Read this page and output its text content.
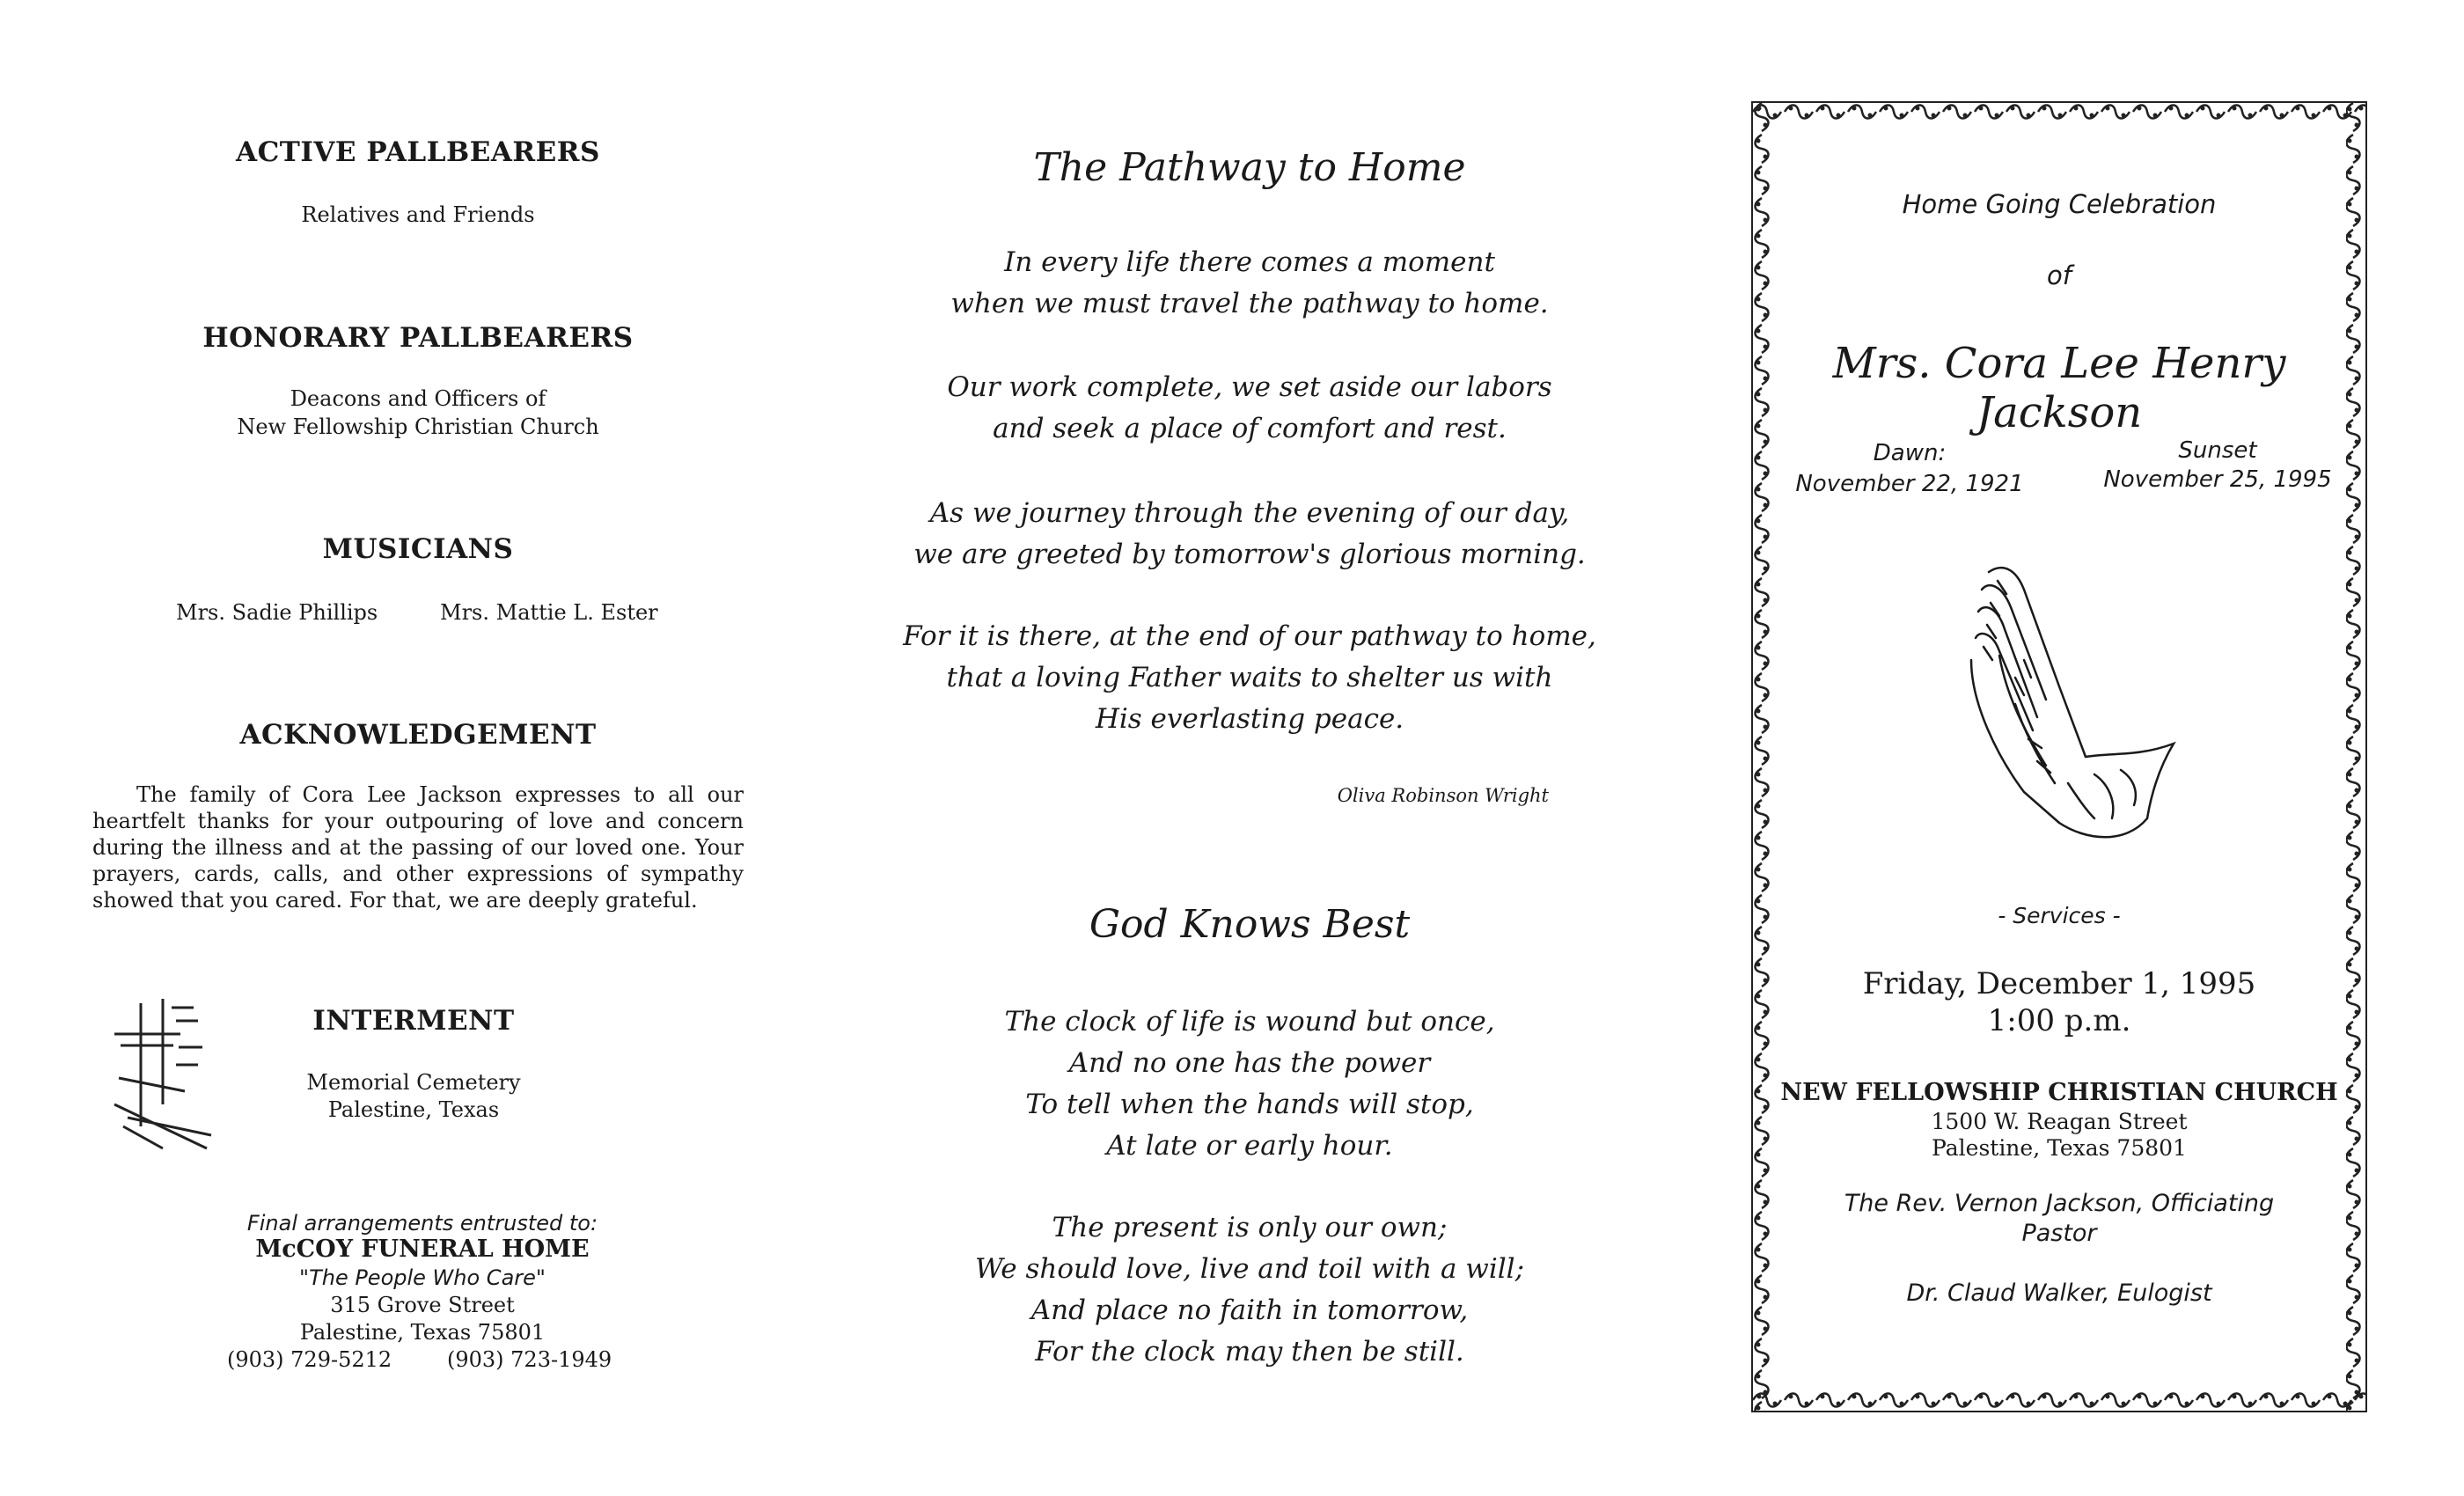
ACTIVE PALLBEARERS
Relatives and Friends
HONORARY PALLBEARERS
Deacons and Officers of
New Fellowship Christian Church
MUSICIANS
Mrs. Sadie Phillips	Mrs. Mattie L. Ester
ACKNOWLEDGEMENT
The family of Cora Lee Jackson expresses to all our heartfelt thanks for your outpouring of love and concern during the illness and at the passing of our loved one. Your prayers, cards, calls, and other expressions of sympathy showed that you cared. For that, we are deeply grateful.
INTERMENT
Memorial Cemetery
Palestine, Texas
Final arrangements entrusted to:
McCOY FUNERAL HOME
"The People Who Care"
315 Grove Street
Palestine, Texas 75801
(903) 729-5212	(903) 723-1949
The Pathway to Home
In every life there comes a moment
when we must travel the pathway to home.
Our work complete, we set aside our labors
and seek a place of comfort and rest.
As we journey through the evening of our day,
we are greeted by tomorrow's glorious morning.
For it is there, at the end of our pathway to home,
that a loving Father waits to shelter us with
His everlasting peace.
Oliva Robinson Wright
God Knows Best
The clock of life is wound but once,
And no one has the power
To tell when the hands will stop,
At late or early hour.
The present is only our own;
We should love, live and toil with a will;
And place no faith in tomorrow,
For the clock may then be still.
Home Going Celebration
of
Mrs. Cora Lee Henry Jackson
Dawn:
November 22, 1921
Sunset
November 25, 1995
- Services -
Friday, December 1, 1995
1:00 p.m.
NEW FELLOWSHIP CHRISTIAN CHURCH
1500 W. Reagan Street
Palestine, Texas 75801
The Rev. Vernon Jackson, Officiating
Pastor
Dr. Claud Walker, Eulogist
